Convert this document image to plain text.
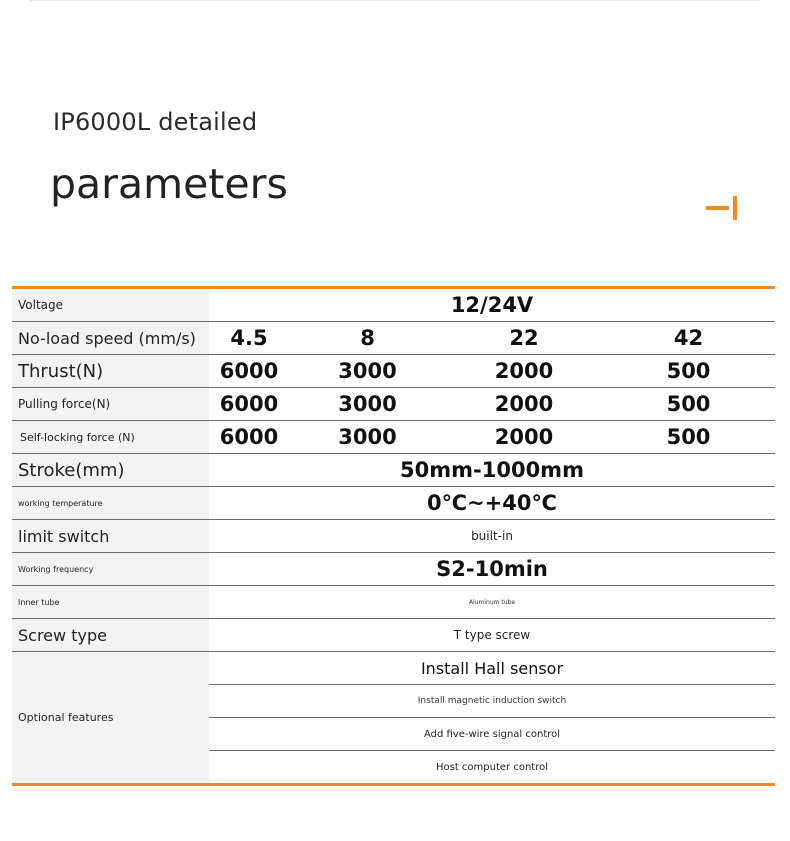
IP6000L detailed
parameters
Voltage	12/24V			
No-load speed (mm/s)	4.5	8	22	42
Thrust(N)	6000	3000	2000	500
Pulling force(N)	6000	3000	2000	500
Self-locking force (N)	6000	3000	2000	500
Stroke(mm)	50mm-1000mm			
working temperature	0℃~+40℃			
limit switch	built-in			
Working frequency	S2-10min			
Inner tube	Aluminum tube			
Screw type	T type screw			
Optional features	Install Hall sensor			
	Install magnetic induction switch			
	Add five-wire signal control			
	Host computer control			
